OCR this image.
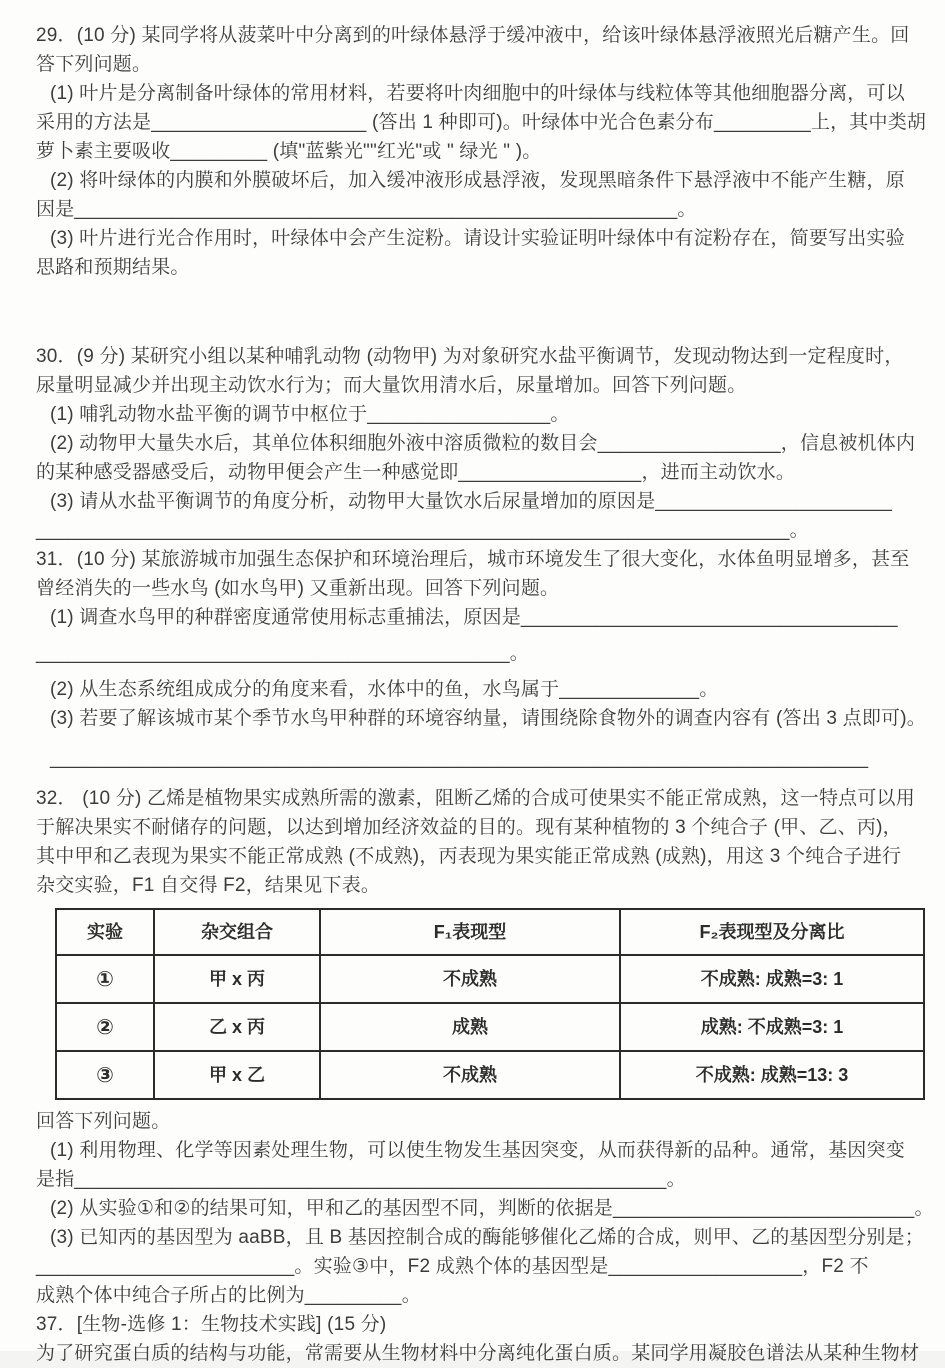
29．(10 分) 某同学将从菠菜叶中分离到的叶绿体悬浮于缓冲液中，给该叶绿体悬浮液照光后糖产生。回

答下列问题。

(1) 叶片是分离制备叶绿体的常用材料，若要将叶肉细胞中的叶绿体与线粒体等其他细胞器分离，可以

采用的方法是____________________ (答出 1 种即可)。叶绿体中光合色素分布_________上，其中类胡

萝卜素主要吸收_________ (填"蓝紫光""红光"或 " 绿光 " )。

(2) 将叶绿体的内膜和外膜破坏后，加入缓冲液形成悬浮液，发现黑暗条件下悬浮液中不能产生糖，原

因是________________________________________________________。

(3) 叶片进行光合作用时，叶绿体中会产生淀粉。请设计实验证明叶绿体中有淀粉存在，简要写出实验

思路和预期结果。

30．(9 分) 某研究小组以某种哺乳动物 (动物甲) 为对象研究水盐平衡调节，发现动物达到一定程度时，

尿量明显减少并出现主动饮水行为；而大量饮用清水后，尿量增加。回答下列问题。

(1) 哺乳动物水盐平衡的调节中枢位于_________________。

(2) 动物甲大量失水后，其单位体积细胞外液中溶质微粒的数目会_________________，信息被机体内

的某种感受器感受后，动物甲便会产生一种感觉即_________________，进而主动饮水。

(3) 请从水盐平衡调节的角度分析，动物甲大量饮水后尿量增加的原因是______________________

______________________________________________________________________。

31．(10 分) 某旅游城市加强生态保护和环境治理后，城市环境发生了很大变化，水体鱼明显增多，甚至

曾经消失的一些水鸟 (如水鸟甲) 又重新出现。回答下列问题。

(1) 调查水鸟甲的种群密度通常使用标志重捕法，原因是___________________________________

____________________________________________。

(2) 从生态系统组成成分的角度来看，水体中的鱼，水鸟属于_____________。

(3) 若要了解该城市某个季节水鸟甲种群的环境容纳量，请围绕除食物外的调查内容有 (答出 3 点即可)。

____________________________________________________________________________

32． (10 分) 乙烯是植物果实成熟所需的激素，阻断乙烯的合成可使果实不能正常成熟，这一特点可以用

于解决果实不耐储存的问题，以达到增加经济效益的目的。现有某种植物的 3 个纯合子 (甲、乙、丙)，

其中甲和乙表现为果实不能正常成熟 (不成熟)，丙表现为果实能正常成熟 (成熟)，用这 3 个纯合子进行

杂交实验，F1 自交得 F2，结果见下表。

实验	杂交组合	F₁表现型	F₂表现型及分离比
①	甲 x 丙	不成熟	不成熟: 成熟=3: 1
②	乙 x 丙	成熟	成熟: 不成熟=3: 1
③	甲 x 乙	不成熟	不成熟: 成熟=13: 3

回答下列问题。

(1) 利用物理、化学等因素处理生物，可以使生物发生基因突变，从而获得新的品种。通常，基因突变

是指_______________________________________________________。

(2) 从实验①和②的结果可知，甲和乙的基因型不同，判断的依据是____________________________。

(3) 已知丙的基因型为 aaBB，且 B 基因控制合成的酶能够催化乙烯的合成，则甲、乙的基因型分别是；

________________________。实验③中，F2 成熟个体的基因型是__________________，F2 不

成熟个体中纯合子所占的比例为_________。

37．[生物-选修 1：生物技术实践] (15 分)

为了研究蛋白质的结构与功能，常需要从生物材料中分离纯化蛋白质。某同学用凝胶色谱法从某种生物材
